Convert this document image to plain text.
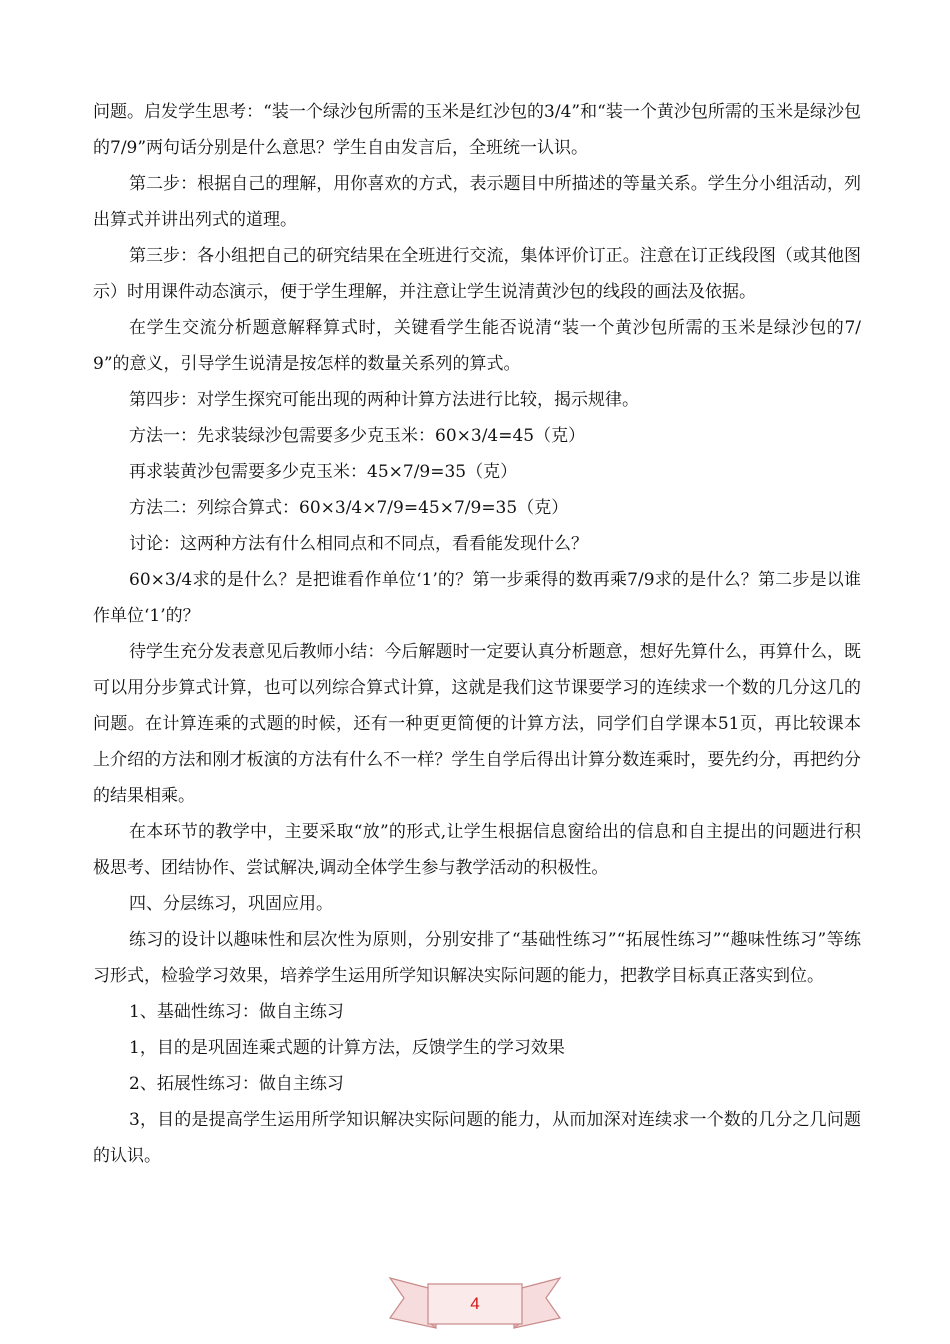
问题。启发学生思考：“装一个绿沙包所需的玉米是红沙包的3/4”和“装一个黄沙包所需的玉米是绿沙包的7/9”两句话分别是什么意思？学生自由发言后，全班统一认识。

第二步：根据自己的理解，用你喜欢的方式，表示题目中所描述的等量关系。学生分小组活动，列出算式并讲出列式的道理。

第三步：各小组把自己的研究结果在全班进行交流，集体评价订正。注意在订正线段图（或其他图示）时用课件动态演示，便于学生理解，并注意让学生说清黄沙包的线段的画法及依据。

在学生交流分析题意解释算式时，关键看学生能否说清“装一个黄沙包所需的玉米是绿沙包的7/9”的意义，引导学生说清是按怎样的数量关系列的算式。

第四步：对学生探究可能出现的两种计算方法进行比较，揭示规律。

方法一：先求装绿沙包需要多少克玉米：60×3/4=45（克）

再求装黄沙包需要多少克玉米：45×7/9=35（克）

方法二：列综合算式：60×3/4×7/9=45×7/9=35（克）

讨论：这两种方法有什么相同点和不同点，看看能发现什么？

60×3/4求的是什么？是把谁看作单位‘1’的？第一步乘得的数再乘7/9求的是什么？第二步是以谁作单位‘1’的？

待学生充分发表意见后教师小结：今后解题时一定要认真分析题意，想好先算什么，再算什么，既可以用分步算式计算，也可以列综合算式计算，这就是我们这节课要学习的连续求一个数的几分这几的问题。在计算连乘的式题的时候，还有一种更更简便的计算方法，同学们自学课本51页，再比较课本上介绍的方法和刚才板演的方法有什么不一样？学生自学后得出计算分数连乘时，要先约分，再把约分的结果相乘。

在本环节的教学中，主要采取“放”的形式,让学生根据信息窗给出的信息和自主提出的问题进行积极思考、团结协作、尝试解决,调动全体学生参与教学活动的积极性。

四、分层练习，巩固应用。

练习的设计以趣味性和层次性为原则，分别安排了“基础性练习”“拓展性练习”“趣味性练习”等练习形式，检验学习效果，培养学生运用所学知识解决实际问题的能力，把教学目标真正落实到位。

1、基础性练习：做自主练习

1，目的是巩固连乘式题的计算方法，反馈学生的学习效果

2、拓展性练习：做自主练习

3，目的是提高学生运用所学知识解决实际问题的能力，从而加深对连续求一个数的几分之几问题的认识。

4
